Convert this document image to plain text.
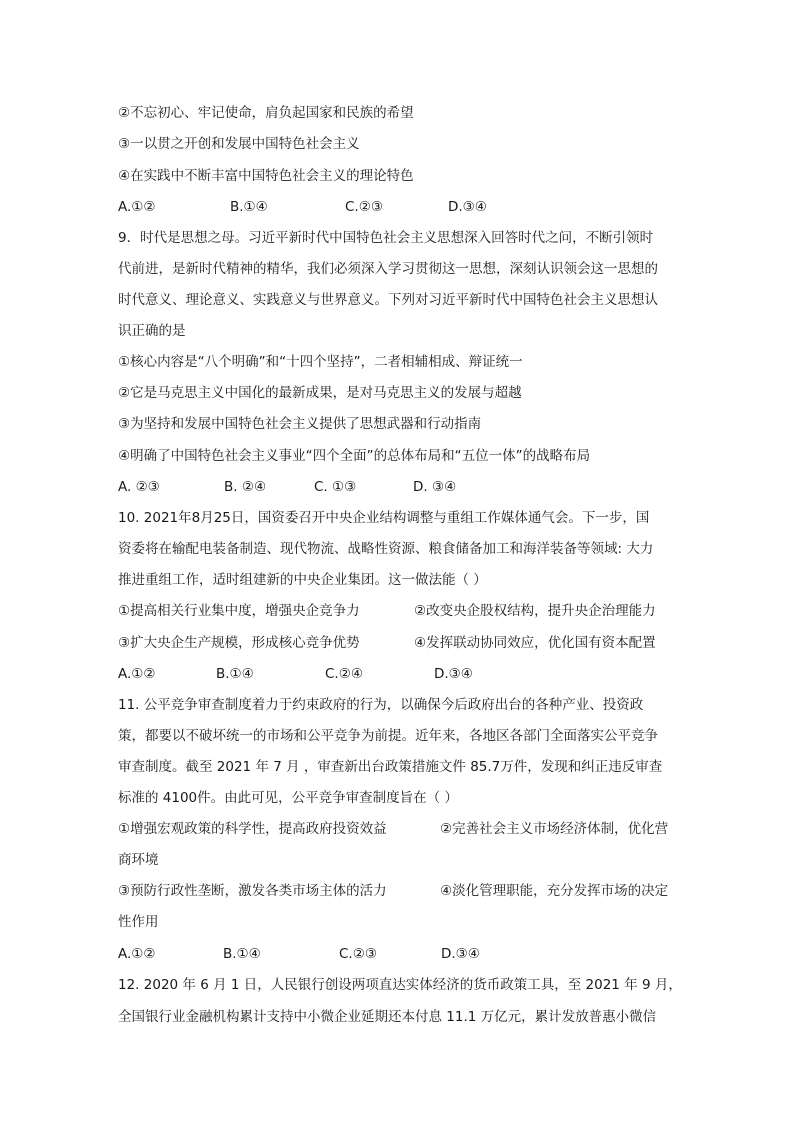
②不忘初心、牢记使命，肩负起国家和民族的希望
③一以贯之开创和发展中国特色社会主义
④在实践中不断丰富中国特色社会主义的理论特色
A.①②	B.①④	C.②③	D.③④
9．时代是思想之母。习近平新时代中国特色社会主义思想深入回答时代之问，不断引领时
代前进，是新时代精神的精华，我们必须深入学习贯彻这一思想，深刻认识领会这一思想的
时代意义、理论意义、实践意义与世界意义。下列对习近平新时代中国特色社会主义思想认
识正确的是
①核心内容是“八个明确”和“十四个坚持”，二者相辅相成、辩证统一
②它是马克思主义中国化的最新成果，是对马克思主义的发展与超越
③为坚持和发展中国特色社会主义提供了思想武器和行动指南
④明确了中国特色社会主义事业“四个全面”的总体布局和“五位一体”的战略布局
A. ②③	B. ②④	C. ①③	D. ③④
10. 2021年8月25日，国资委召开中央企业结构调整与重组工作媒体通气会。下一步，国
资委将在输配电装备制造、现代物流、战略性资源、粮食储备加工和海洋装备等领域: 大力
推进重组工作，适时组建新的中央企业集团。这一做法能（ ）
①提高相关行业集中度，增强央企竞争力	②改变央企股权结构，提升央企治理能力
③扩大央企生产规模，形成核心竞争优势	④发挥联动协同效应，优化国有资本配置
A.①②	B.①④	C.②④	D.③④
11. 公平竞争审查制度着力于约束政府的行为，以确保今后政府出台的各种产业、投资政
策，都要以不破坏统一的市场和公平竞争为前提。近年来，各地区各部门全面落实公平竞争
审查制度。截至 2021 年 7 月 ，审查新出台政策措施文件 85.7万件，发现和纠正违反审查
标准的 4100件。由此可见，公平竞争审查制度旨在（ ）
①增强宏观政策的科学性，提高政府投资效益	②完善社会主义市场经济体制，优化营
商环境
③预防行政性垄断，激发各类市场主体的活力	④淡化管理职能，充分发挥市场的决定
性作用
A.①②	B.①④	C.②③	D.③④
12. 2020 年 6 月 1 日，人民银行创设两项直达实体经济的货币政策工具，至 2021 年 9 月，
全国银行业金融机构累计支持中小微企业延期还本付息 11.1 万亿元，累计发放普惠小微信
